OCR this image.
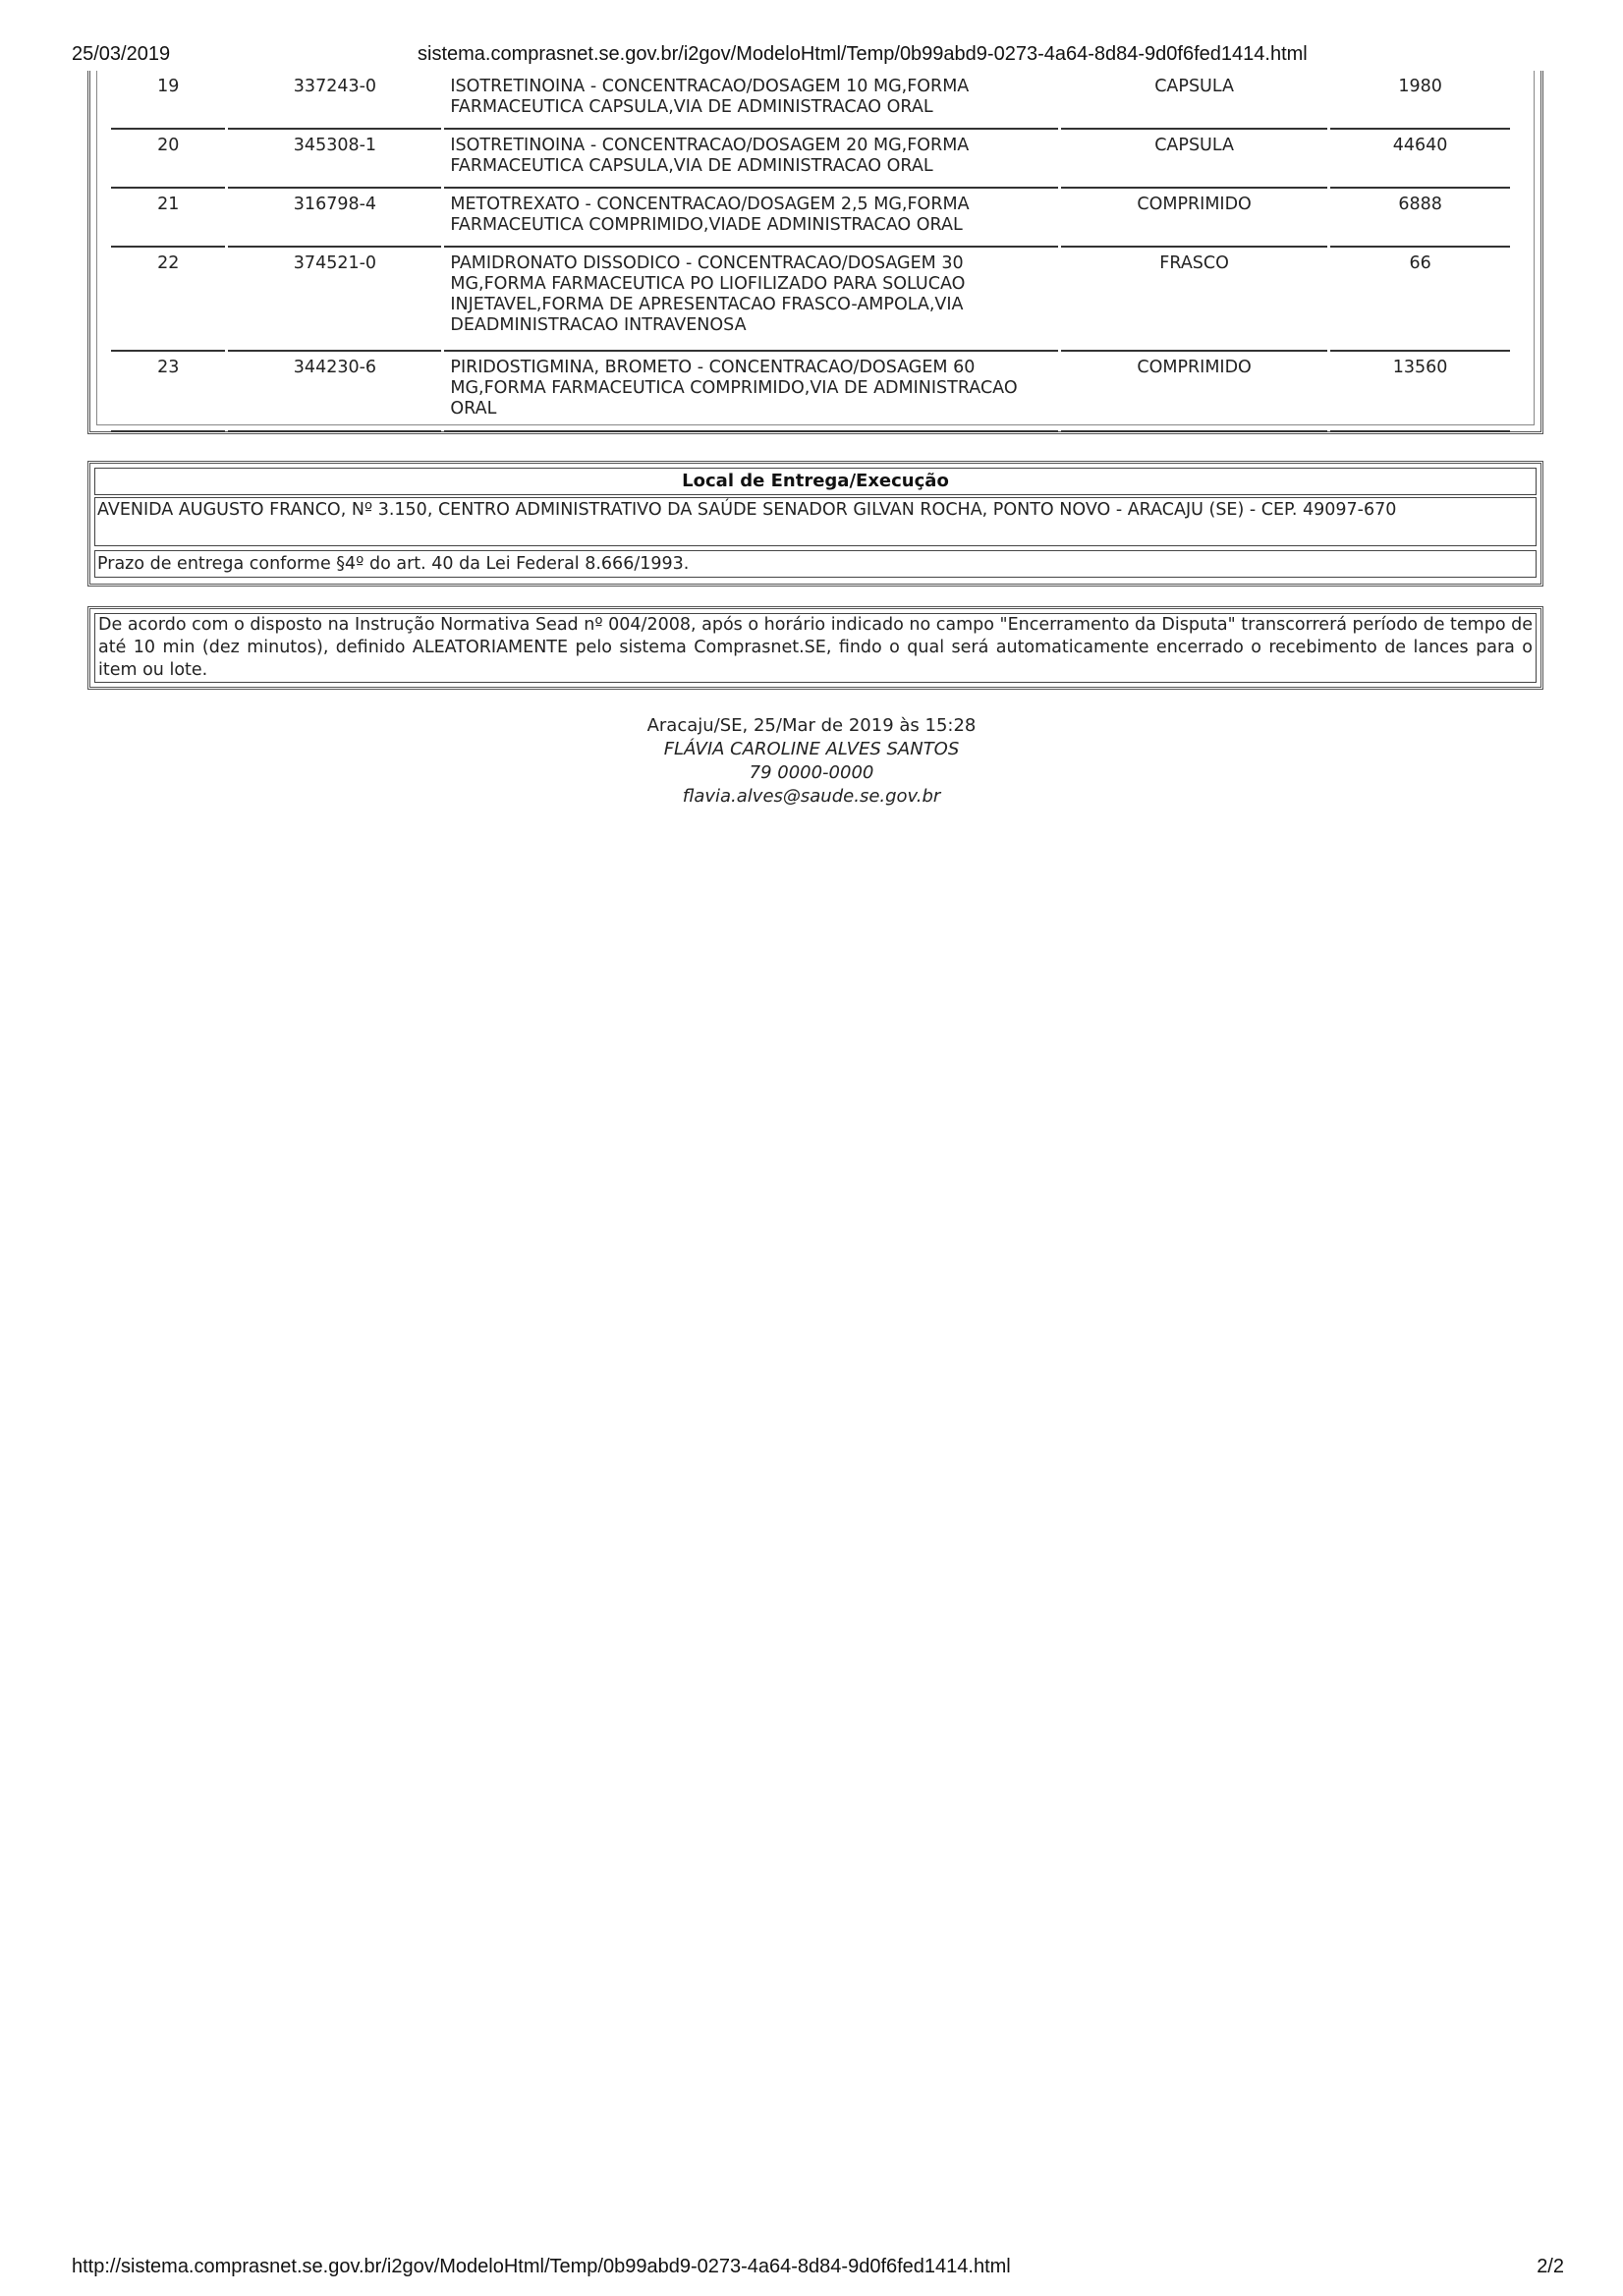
25/03/2019	sistema.comprasnet.se.gov.br/i2gov/ModeloHtml/Temp/0b99abd9-0273-4a64-8d84-9d0f6fed1414.html
19	337243-0	ISOTRETINOINA - CONCENTRACAO/DOSAGEM 10 MG,FORMA FARMACEUTICA CAPSULA,VIA DE ADMINISTRACAO ORAL	CAPSULA	1980
20	345308-1	ISOTRETINOINA - CONCENTRACAO/DOSAGEM 20 MG,FORMA FARMACEUTICA CAPSULA,VIA DE ADMINISTRACAO ORAL	CAPSULA	44640
21	316798-4	METOTREXATO - CONCENTRACAO/DOSAGEM 2,5 MG,FORMA FARMACEUTICA COMPRIMIDO,VIADE ADMINISTRACAO ORAL	COMPRIMIDO	6888
22	374521-0	PAMIDRONATO DISSODICO - CONCENTRACAO/DOSAGEM 30 MG,FORMA FARMACEUTICA PO LIOFILIZADO PARA SOLUCAO INJETAVEL,FORMA DE APRESENTACAO FRASCO-AMPOLA,VIA DEADMINISTRACAO INTRAVENOSA	FRASCO	66
23	344230-6	PIRIDOSTIGMINA, BROMETO - CONCENTRACAO/DOSAGEM 60 MG,FORMA FARMACEUTICA COMPRIMIDO,VIA DE ADMINISTRACAO ORAL	COMPRIMIDO	13560
Local de Entrega/Execução
AVENIDA AUGUSTO FRANCO, Nº 3.150, CENTRO ADMINISTRATIVO DA SAÚDE SENADOR GILVAN ROCHA, PONTO NOVO - ARACAJU (SE) - CEP. 49097-670
Prazo de entrega conforme §4º do art. 40 da Lei Federal 8.666/1993.
De acordo com o disposto na Instrução Normativa Sead nº 004/2008, após o horário indicado no campo "Encerramento da Disputa" transcorrerá período de tempo de até 10 min (dez minutos), definido ALEATORIAMENTE pelo sistema Comprasnet.SE, findo o qual será automaticamente encerrado o recebimento de lances para o item ou lote.
Aracaju/SE, 25/Mar de 2019 às 15:28
FLÁVIA CAROLINE ALVES SANTOS
79 0000-0000
flavia.alves@saude.se.gov.br
http://sistema.comprasnet.se.gov.br/i2gov/ModeloHtml/Temp/0b99abd9-0273-4a64-8d84-9d0f6fed1414.html	2/2
